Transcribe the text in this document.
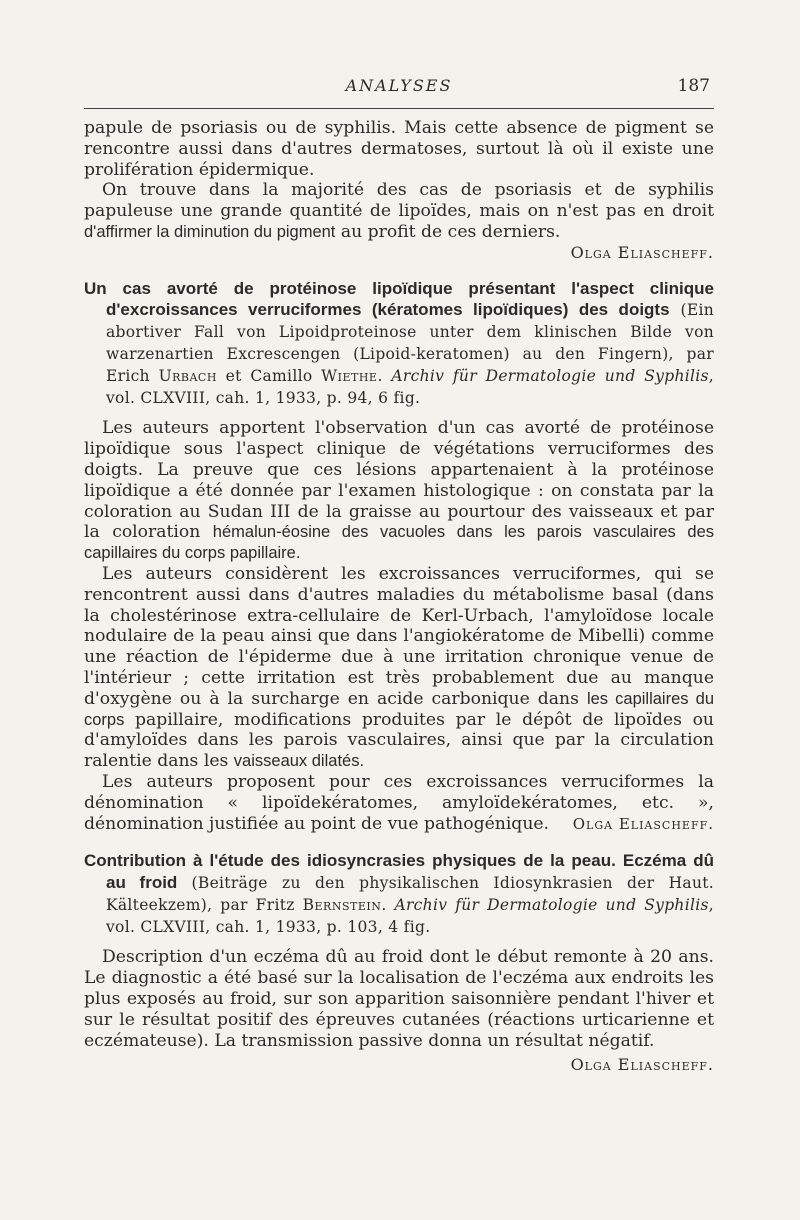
ANALYSES	187

papule de psoriasis ou de syphilis. Mais cette absence de pigment se rencontre aussi dans d'autres dermatoses, surtout là où il existe une prolifération épidermique.

On trouve dans la majorité des cas de psoriasis et de syphilis papuleuse une grande quantité de lipoïdes, mais on n'est pas en droit d'affirmer la diminution du pigment au profit de ces derniers.

Olga Eliascheff.

Un cas avorté de protéinose lipoïdique présentant l'aspect clinique d'excroissances verruciformes (kératomes lipoïdiques) des doigts (Ein abortiver Fall von Lipoidproteinose unter dem klinischen Bilde von warzenartien Excrescengen (Lipoid-keratomen) au den Fingern), par Erich Urbach et Camillo Wiethe. Archiv für Dermatologie und Syphilis, vol. CLXVIII, cah. 1, 1933, p. 94, 6 fig.

Les auteurs apportent l'observation d'un cas avorté de protéinose lipoïdique sous l'aspect clinique de végétations verruciformes des doigts. La preuve que ces lésions appartenaient à la protéinose lipoïdique a été donnée par l'examen histologique : on constata par la coloration au Sudan III de la graisse au pourtour des vaisseaux et par la coloration hémalun-éosine des vacuoles dans les parois vasculaires des capillaires du corps papillaire.

Les auteurs considèrent les excroissances verruciformes, qui se rencontrent aussi dans d'autres maladies du métabolisme basal (dans la cholestérinose extra-cellulaire de Kerl-Urbach, l'amyloïdose locale nodulaire de la peau ainsi que dans l'angiokératome de Mibelli) comme une réaction de l'épiderme due à une irritation chronique venue de l'intérieur ; cette irritation est très probablement due au manque d'oxygène ou à la surcharge en acide carbonique dans les capillaires du corps papillaire, modifications produites par le dépôt de lipoïdes ou d'amyloïdes dans les parois vasculaires, ainsi que par la circulation ralentie dans les vaisseaux dilatés.

Les auteurs proposent pour ces excroissances verruciformes la dénomination « lipoïdekératomes, amyloïdekératomes, etc. », dénomination justifiée au point de vue pathogénique.	Olga Eliascheff.

Contribution à l'étude des idiosyncrasies physiques de la peau. Eczéma dû au froid (Beiträge zu den physikalischen Idiosynkrasien der Haut. Kälteekzem), par Fritz Bernstein. Archiv für Dermatologie und Syphilis, vol. CLXVIII, cah. 1, 1933, p. 103, 4 fig.

Description d'un eczéma dû au froid dont le début remonte à 20 ans. Le diagnostic a été basé sur la localisation de l'eczéma aux endroits les plus exposés au froid, sur son apparition saisonnière pendant l'hiver et sur le résultat positif des épreuves cutanées (réactions urticarienne et eczémateuse). La transmission passive donna un résultat négatif.

Olga Eliascheff.
